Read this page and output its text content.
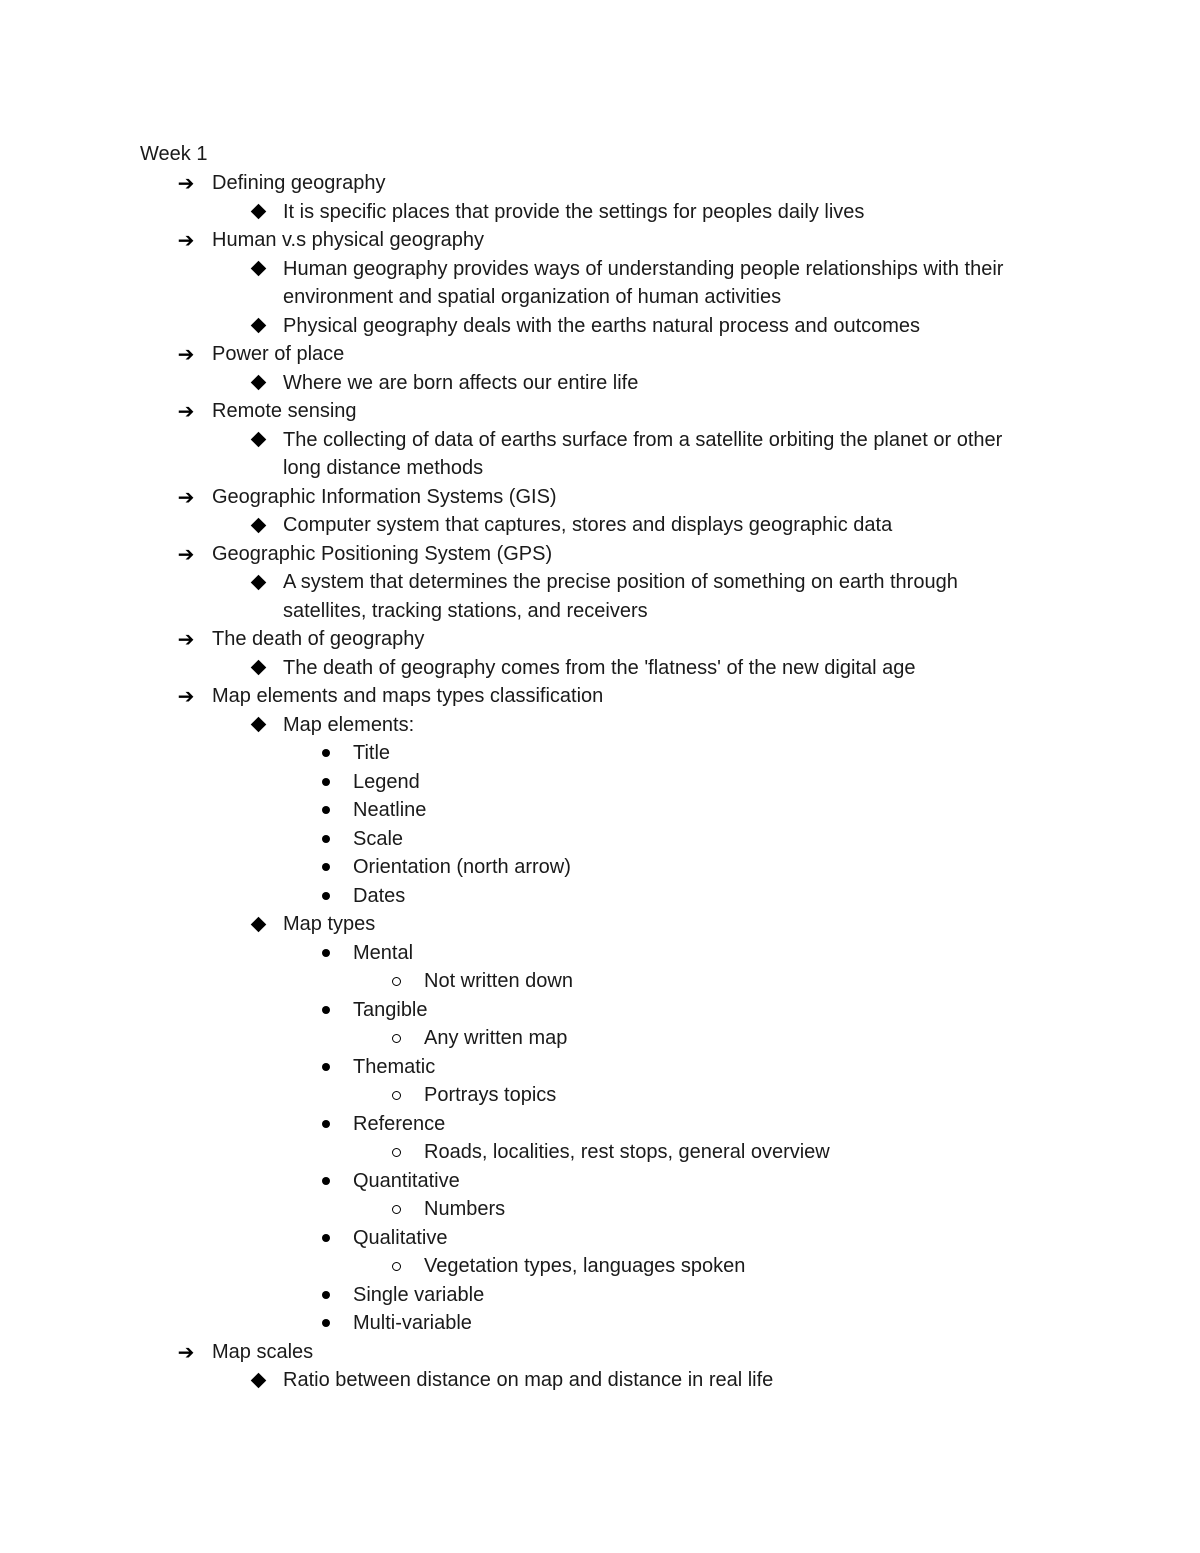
Week 1
➔ Defining geography
It is specific places that provide the settings for peoples daily lives
➔ Human v.s physical geography
Human geography provides ways of understanding people relationships with their
environment and spatial organization of human activities
Physical geography deals with the earths natural process and outcomes
➔ Power of place
Where we are born affects our entire life
➔ Remote sensing
The collecting of data of earths surface from a satellite orbiting the planet or other
long distance methods
➔ Geographic Information Systems (GIS)
Computer system that captures, stores and displays geographic data
➔ Geographic Positioning System (GPS)
A system that determines the precise position of something on earth through
satellites, tracking stations, and receivers
➔ The death of geography
The death of geography comes from the 'flatness' of the new digital age
➔ Map elements and maps types classification
Map elements:
Title
Legend
Neatline
Scale
Orientation (north arrow)
Dates
Map types
Mental
Not written down
Tangible
Any written map
Thematic
Portrays topics
Reference
Roads, localities, rest stops, general overview
Quantitative
Numbers
Qualitative
Vegetation types, languages spoken
Single variable
Multi-variable
➔ Map scales
Ratio between distance on map and distance in real life
